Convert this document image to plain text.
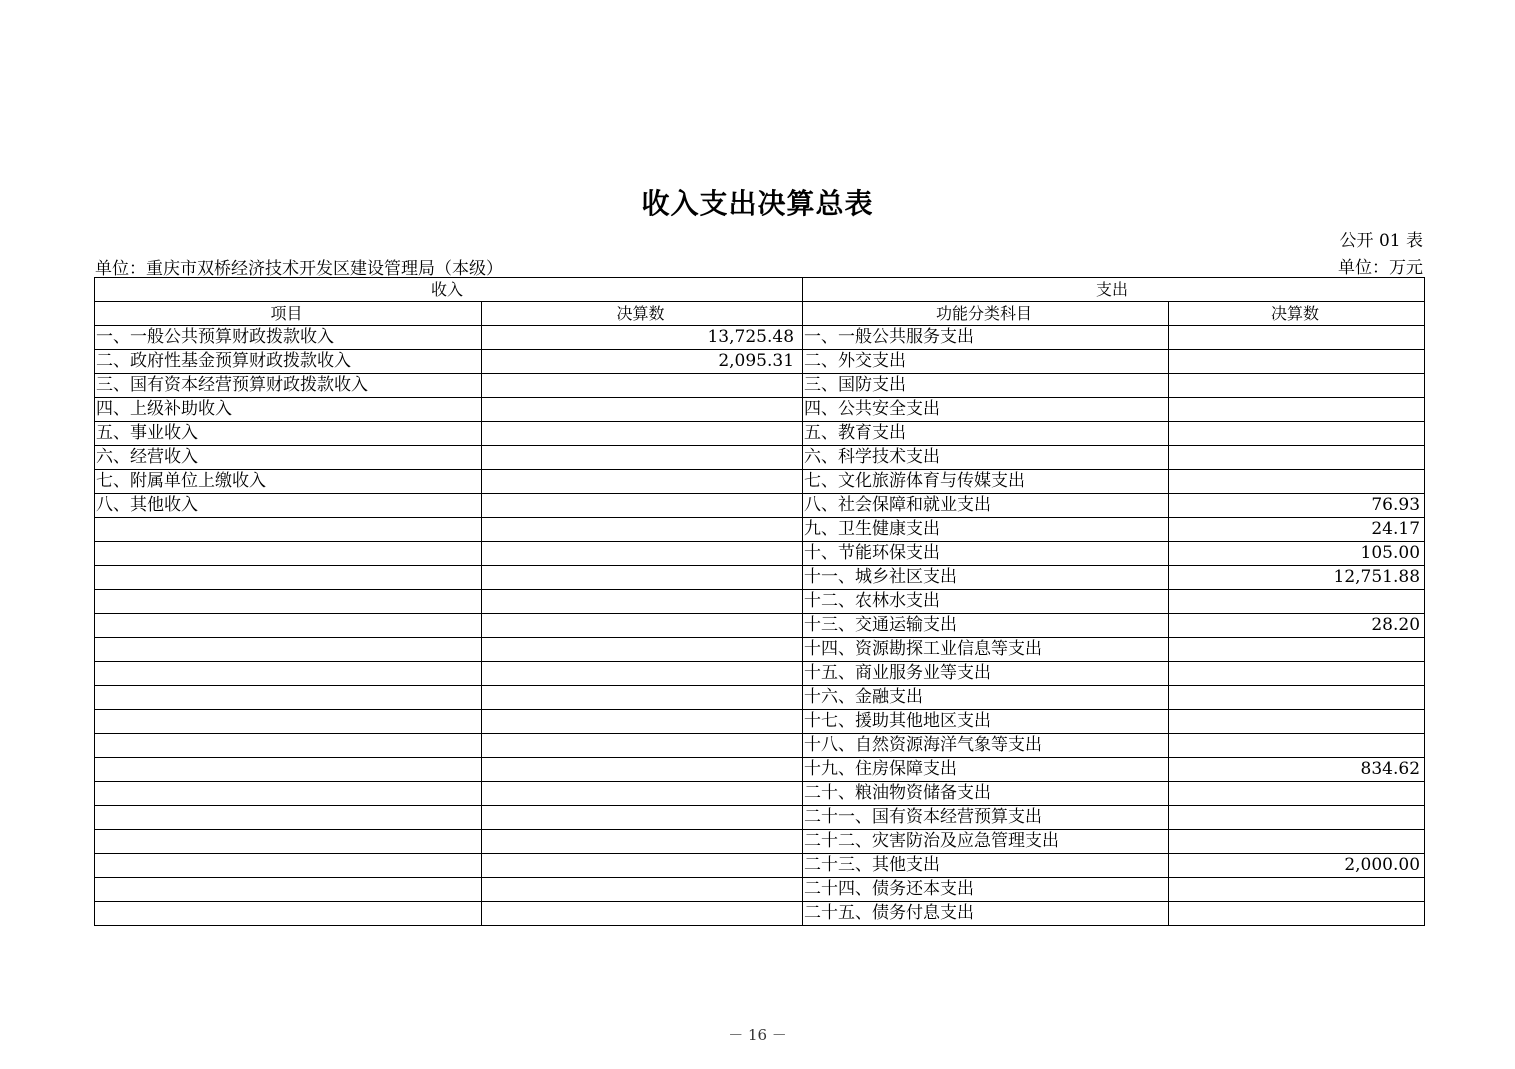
收入支出决算总表
公开 01 表
单位：重庆市双桥经济技术开发区建设管理局（本级）	单位：万元
收入		支出	
项目	决算数	功能分类科目	决算数
一、一般公共预算财政拨款收入	13,725.48	一、一般公共服务支出	
二、政府性基金预算财政拨款收入	2,095.31	二、外交支出	
三、国有资本经营预算财政拨款收入		三、国防支出	
四、上级补助收入		四、公共安全支出	
五、事业收入		五、教育支出	
六、经营收入		六、科学技术支出	
七、附属单位上缴收入		七、文化旅游体育与传媒支出	
八、其他收入		八、社会保障和就业支出	76.93
		九、卫生健康支出	24.17
		十、节能环保支出	105.00
		十一、城乡社区支出	12,751.88
		十二、农林水支出	
		十三、交通运输支出	28.20
		十四、资源勘探工业信息等支出	
		十五、商业服务业等支出	
		十六、金融支出	
		十七、援助其他地区支出	
		十八、自然资源海洋气象等支出	
		十九、住房保障支出	834.62
		二十、粮油物资储备支出	
		二十一、国有资本经营预算支出	
		二十二、灾害防治及应急管理支出	
		二十三、其他支出	2,000.00
		二十四、债务还本支出	
		二十五、债务付息支出	
－ 16 －
